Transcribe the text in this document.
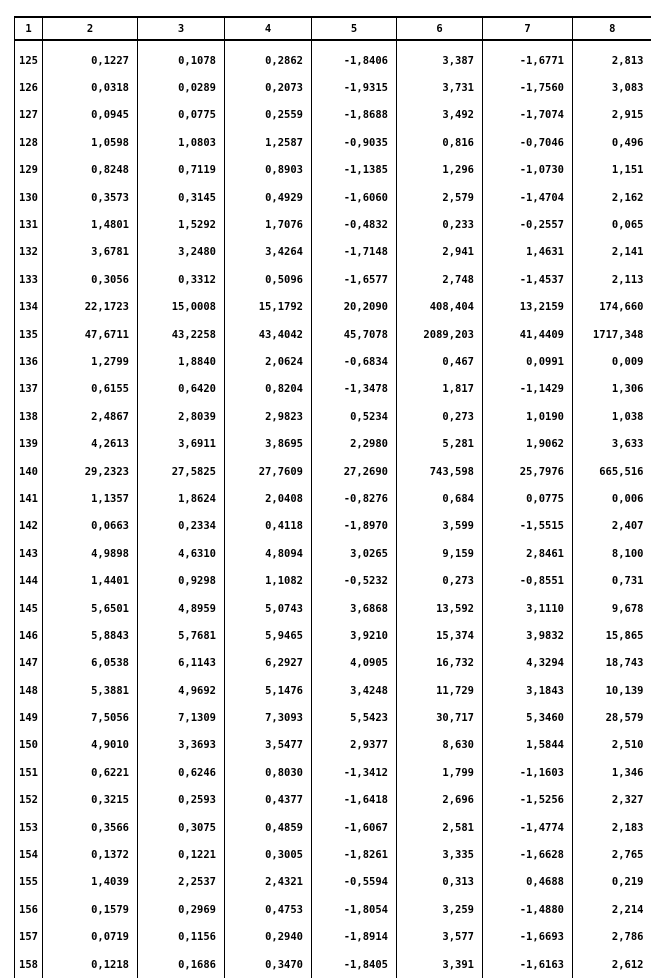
1	2	3	4	5	6	7	8
125	0,1227	0,1078	0,2862	-1,8406	3,387	-1,6771	2,813
126	0,0318	0,0289	0,2073	-1,9315	3,731	-1,7560	3,083
127	0,0945	0,0775	0,2559	-1,8688	3,492	-1,7074	2,915
128	1,0598	1,0803	1,2587	-0,9035	0,816	-0,7046	0,496
129	0,8248	0,7119	0,8903	-1,1385	1,296	-1,0730	1,151
130	0,3573	0,3145	0,4929	-1,6060	2,579	-1,4704	2,162
131	1,4801	1,5292	1,7076	-0,4832	0,233	-0,2557	0,065
132	3,6781	3,2480	3,4264	-1,7148	2,941	1,4631	2,141
133	0,3056	0,3312	0,5096	-1,6577	2,748	-1,4537	2,113
134	22,1723	15,0008	15,1792	20,2090	408,404	13,2159	174,660
135	47,6711	43,2258	43,4042	45,7078	2089,203	41,4409	1717,348
136	1,2799	1,8840	2,0624	-0,6834	0,467	0,0991	0,009
137	0,6155	0,6420	0,8204	-1,3478	1,817	-1,1429	1,306
138	2,4867	2,8039	2,9823	0,5234	0,273	1,0190	1,038
139	4,2613	3,6911	3,8695	2,2980	5,281	1,9062	3,633
140	29,2323	27,5825	27,7609	27,2690	743,598	25,7976	665,516
141	1,1357	1,8624	2,0408	-0,8276	0,684	0,0775	0,006
142	0,0663	0,2334	0,4118	-1,8970	3,599	-1,5515	2,407
143	4,9898	4,6310	4,8094	3,0265	9,159	2,8461	8,100
144	1,4401	0,9298	1,1082	-0,5232	0,273	-0,8551	0,731
145	5,6501	4,8959	5,0743	3,6868	13,592	3,1110	9,678
146	5,8843	5,7681	5,9465	3,9210	15,374	3,9832	15,865
147	6,0538	6,1143	6,2927	4,0905	16,732	4,3294	18,743
148	5,3881	4,9692	5,1476	3,4248	11,729	3,1843	10,139
149	7,5056	7,1309	7,3093	5,5423	30,717	5,3460	28,579
150	4,9010	3,3693	3,5477	2,9377	8,630	1,5844	2,510
151	0,6221	0,6246	0,8030	-1,3412	1,799	-1,1603	1,346
152	0,3215	0,2593	0,4377	-1,6418	2,696	-1,5256	2,327
153	0,3566	0,3075	0,4859	-1,6067	2,581	-1,4774	2,183
154	0,1372	0,1221	0,3005	-1,8261	3,335	-1,6628	2,765
155	1,4039	2,2537	2,4321	-0,5594	0,313	0,4688	0,219
156	0,1579	0,2969	0,4753	-1,8054	3,259	-1,4880	2,214
157	0,0719	0,1156	0,2940	-1,8914	3,577	-1,6693	2,786
158	0,1218	0,1686	0,3470	-1,8405	3,391	-1,6163	2,612
